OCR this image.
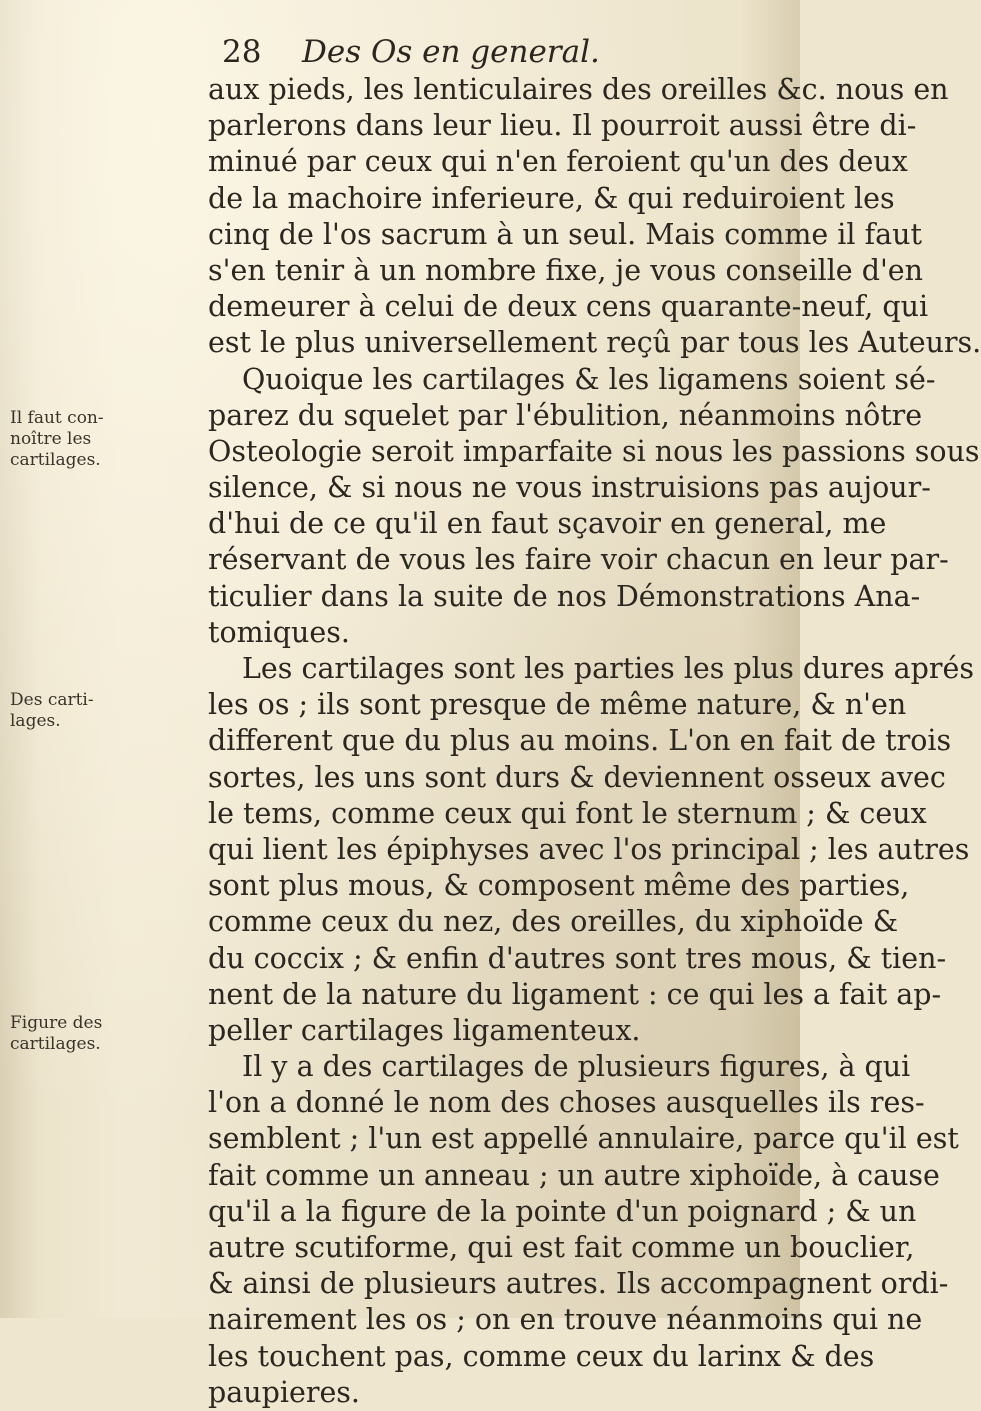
28 Des Os en general.
Il faut con-
noître les
cartilages.
Des carti-
lages.
Figure des
cartilages.
aux pieds, les lenticulaires des oreilles &c. nous en
parlerons dans leur lieu. Il pourroit aussi être di-
minué par ceux qui n'en feroient qu'un des deux
de la machoire inferieure, & qui reduiroient les
cinq de l'os sacrum à un seul. Mais comme il faut
s'en tenir à un nombre fixe, je vous conseille d'en
demeurer à celui de deux cens quarante-neuf, qui
est le plus universellement reçû par tous les Auteurs.
Quoique les cartilages & les ligamens soient sé-
parez du squelet par l'ébulition, néanmoins nôtre
Osteologie seroit imparfaite si nous les passions sous
silence, & si nous ne vous instruisions pas aujour-
d'hui de ce qu'il en faut sçavoir en general, me
réservant de vous les faire voir chacun en leur par-
ticulier dans la suite de nos Démonstrations Ana-
tomiques.
Les cartilages sont les parties les plus dures aprés
les os ; ils sont presque de même nature, & n'en
different que du plus au moins. L'on en fait de trois
sortes, les uns sont durs & deviennent osseux avec
le tems, comme ceux qui font le sternum ; & ceux
qui lient les épiphyses avec l'os principal ; les autres
sont plus mous, & composent même des parties,
comme ceux du nez, des oreilles, du xiphoïde &
du coccix ; & enfin d'autres sont tres mous, & tien-
nent de la nature du ligament : ce qui les a fait ap-
peller cartilages ligamenteux.
Il y a des cartilages de plusieurs figures, à qui
l'on a donné le nom des choses ausquelles ils res-
semblent ; l'un est appellé annulaire, parce qu'il est
fait comme un anneau ; un autre xiphoïde, à cause
qu'il a la figure de la pointe d'un poignard ; & un
autre scutiforme, qui est fait comme un bouclier,
& ainsi de plusieurs autres. Ils accompagnent ordi-
nairement les os ; on en trouve néanmoins qui ne
les touchent pas, comme ceux du larinx & des
paupieres.
